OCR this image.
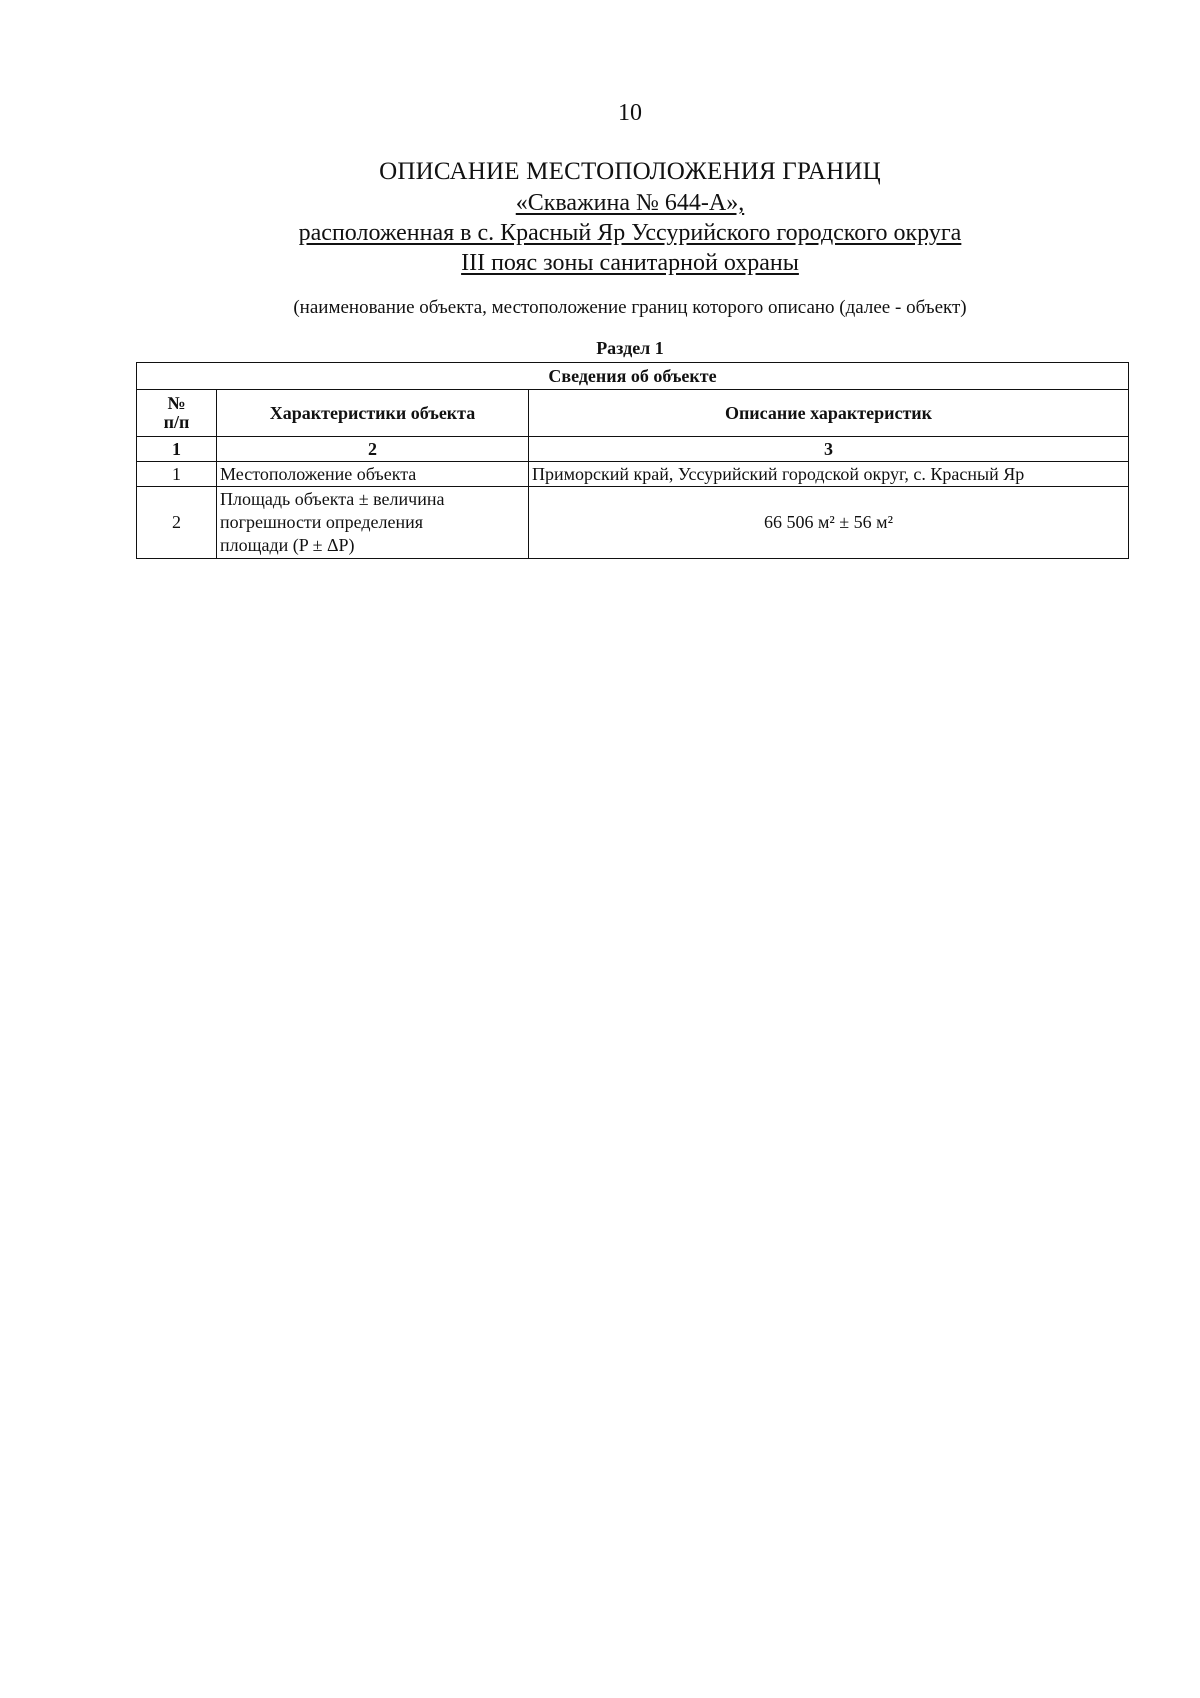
10
ОПИСАНИЕ МЕСТОПОЛОЖЕНИЯ ГРАНИЦ
«Скважина № 644-А»,
расположенная в с. Красный Яр Уссурийского городского округа
III пояс зоны санитарной охраны
(наименование объекта, местоположение границ которого описано (далее - объект)
Раздел 1
Сведения об объекте		

№
п/п	Характеристики объекта	Описание характеристик
1	2	3
1	Местоположение объекта	Приморский край, Уссурийский городской округ, с. Красный Яр
2	Площадь объекта ± величина
погрешности определения
площади (P ± ΔP)	66 506 м² ± 56 м²
